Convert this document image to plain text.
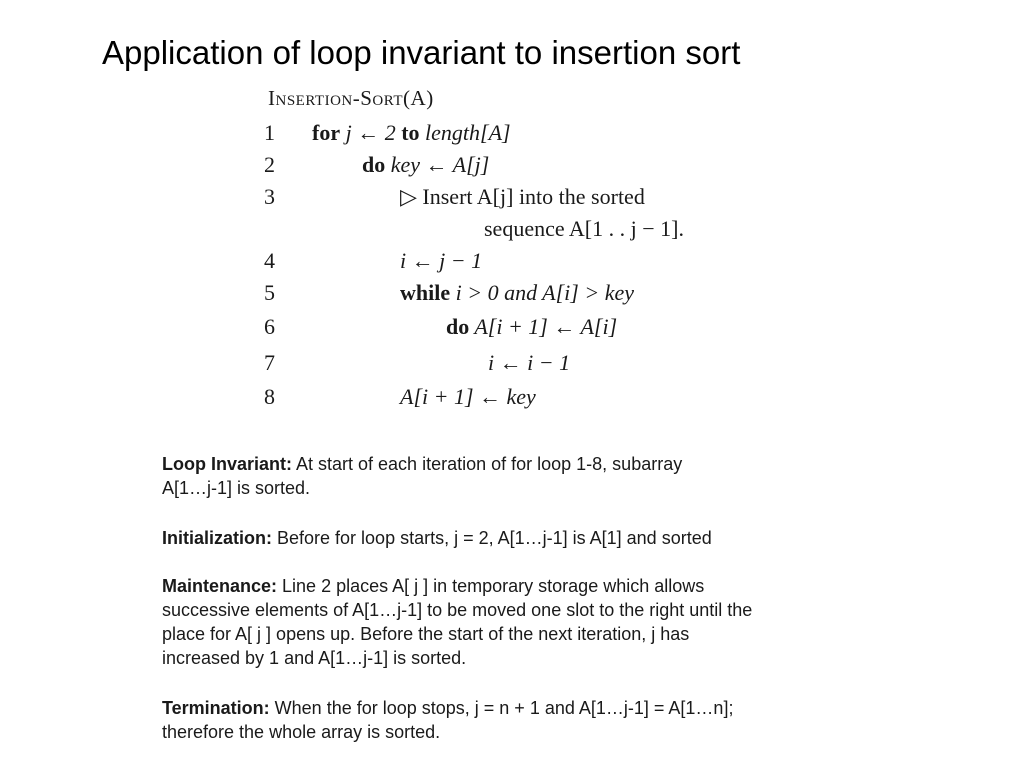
Application of loop invariant to insertion sort
Insertion-Sort(A)
1	for j ← 2 to length[A]
2	do key ← A[j]
3	▷ Insert A[j] into the sorted
sequence A[1 . . j − 1].
4	i ← j − 1
5	while i > 0 and A[i] > key
6	do A[i + 1] ← A[i]
7	i ← i − 1
8	A[i + 1] ← key
Loop Invariant: At start of each iteration of for loop 1-8, subarray
A[1…j-1] is sorted.
Initialization: Before for loop starts, j = 2, A[1…j-1] is A[1] and sorted
Maintenance: Line 2 places A[ j ] in temporary storage which allows
successive elements of A[1…j-1] to be moved one slot to the right until the
place for A[ j ] opens up. Before the start of the next iteration, j has
increased by 1 and A[1…j-1] is sorted.
Termination: When the for loop stops, j = n + 1 and A[1…j-1] = A[1…n];
therefore the whole array is sorted.
